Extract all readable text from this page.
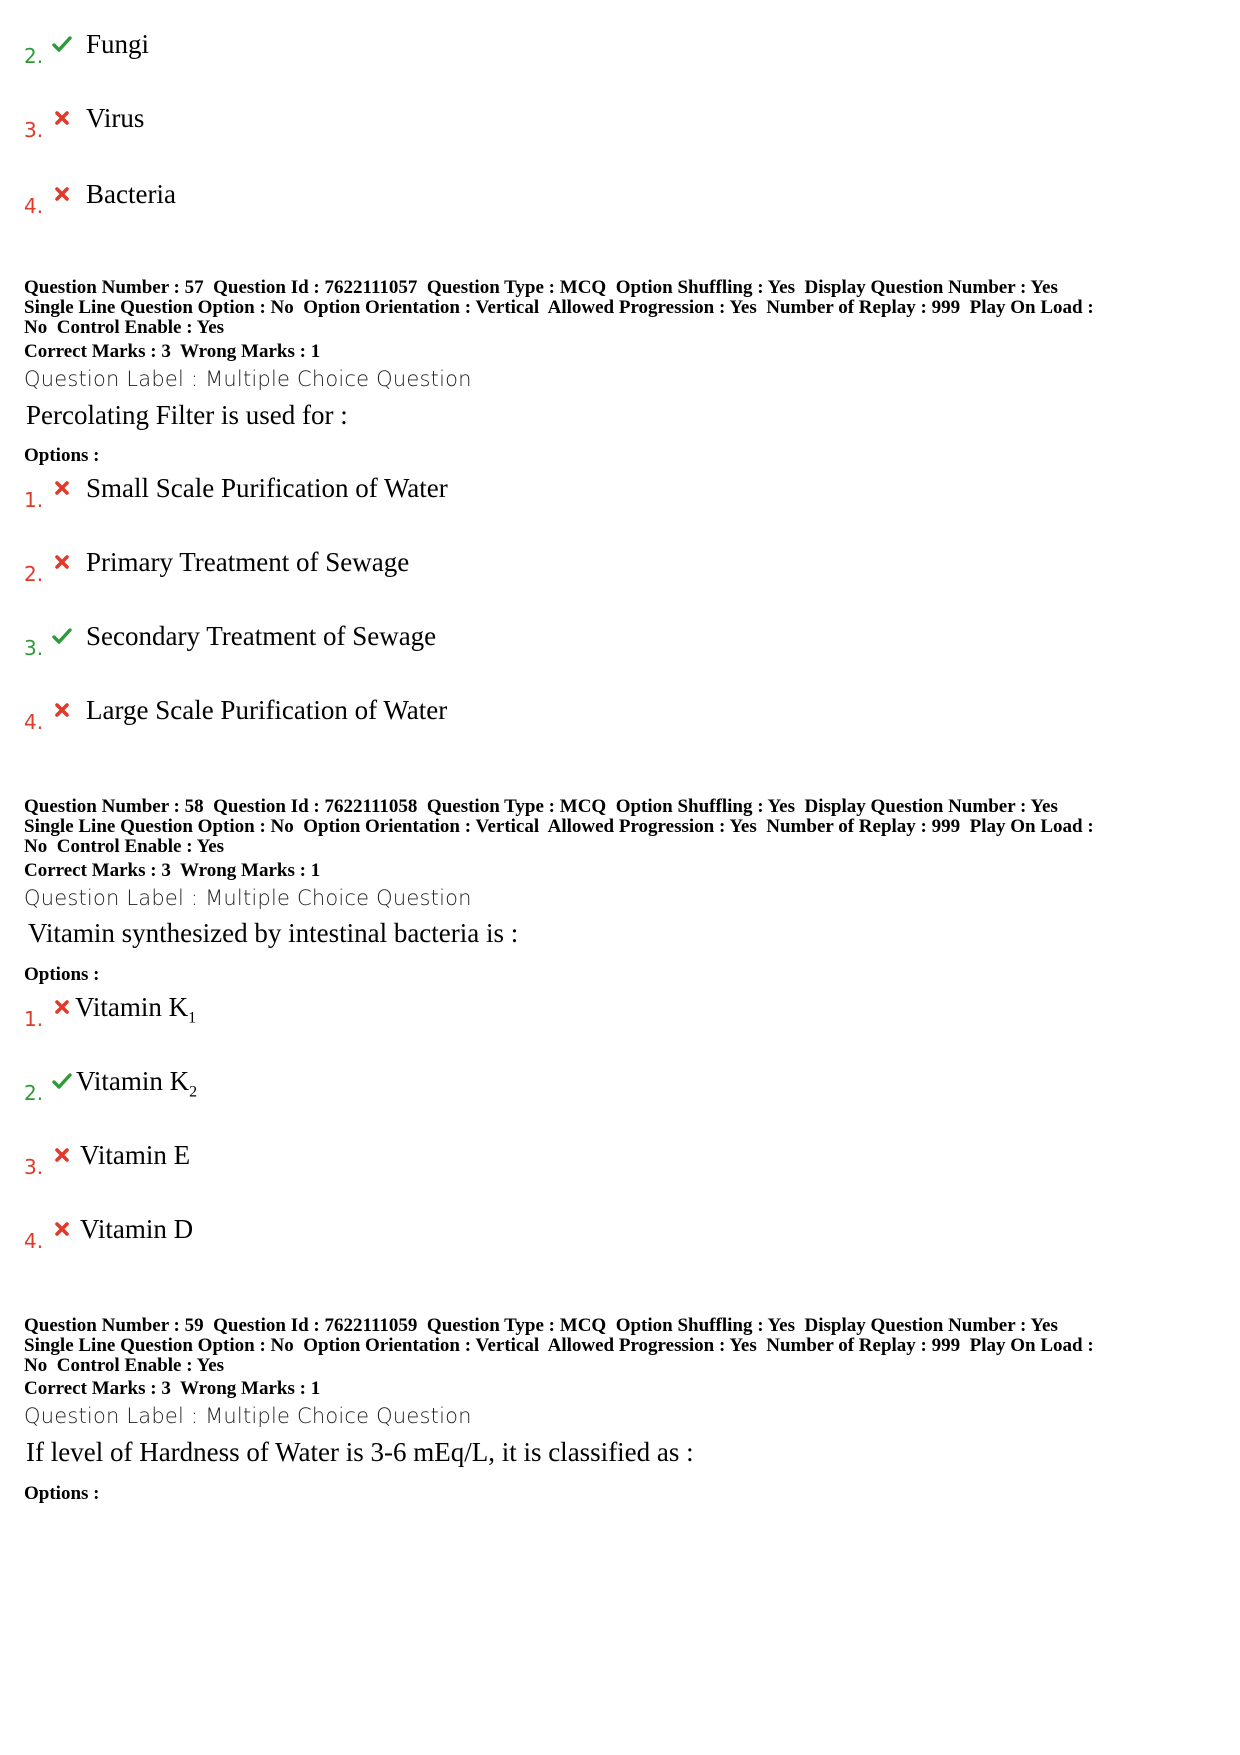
2. Fungi
3. Virus
4. Bacteria
Question Number : 57  Question Id : 7622111057  Question Type : MCQ  Option Shuffling : Yes  Display Question Number : Yes
Single Line Question Option : No  Option Orientation : Vertical  Allowed Progression : Yes  Number of Replay : 999  Play On Load :
No  Control Enable : Yes
Correct Marks : 3  Wrong Marks : 1
Question Label : Multiple Choice Question
Percolating Filter is used for :
Options :
1. Small Scale Purification of Water
2. Primary Treatment of Sewage
3. Secondary Treatment of Sewage
4. Large Scale Purification of Water
Question Number : 58  Question Id : 7622111058  Question Type : MCQ  Option Shuffling : Yes  Display Question Number : Yes
Single Line Question Option : No  Option Orientation : Vertical  Allowed Progression : Yes  Number of Replay : 999  Play On Load :
No  Control Enable : Yes
Correct Marks : 3  Wrong Marks : 1
Question Label : Multiple Choice Question
Vitamin synthesized by intestinal bacteria is :
Options :
1. Vitamin $K_1$
2. Vitamin $K_2$
3. Vitamin E
4. Vitamin D
Question Number : 59  Question Id : 7622111059  Question Type : MCQ  Option Shuffling : Yes  Display Question Number : Yes
Single Line Question Option : No  Option Orientation : Vertical  Allowed Progression : Yes  Number of Replay : 999  Play On Load :
No  Control Enable : Yes
Correct Marks : 3  Wrong Marks : 1
Question Label : Multiple Choice Question
If level of Hardness of Water is 3-6 mEq/L, it is classified as :
Options :
